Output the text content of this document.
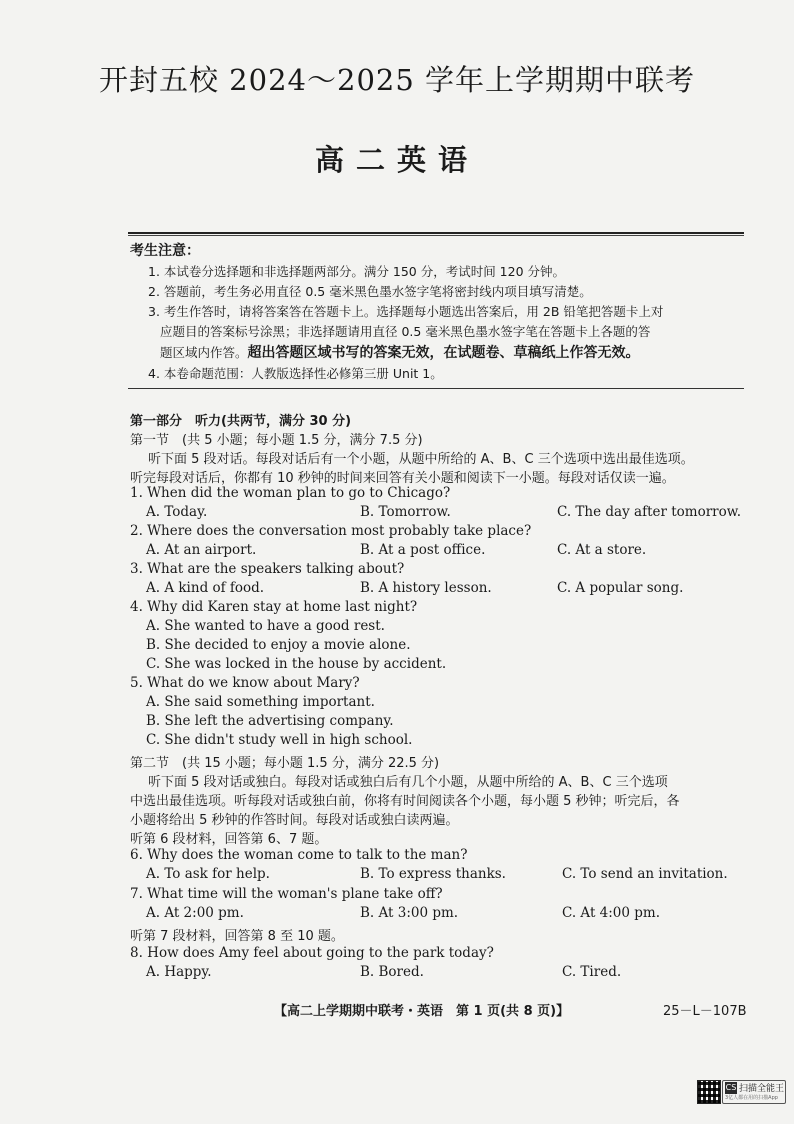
开封五校 2024～2025 学年上学期期中联考
高二英语
考生注意：
1. 本试卷分选择题和非选择题两部分。满分 150 分，考试时间 120 分钟。
2. 答题前，考生务必用直径 0.5 毫米黑色墨水签字笔将密封线内项目填写清楚。
3. 考生作答时，请将答案答在答题卡上。选择题每小题选出答案后，用 2B 铅笔把答题卡上对
应题目的答案标号涂黑；非选择题请用直径 0.5 毫米黑色墨水签字笔在答题卡上各题的答
题区域内作答。超出答题区域书写的答案无效，在试题卷、草稿纸上作答无效。
4. 本卷命题范围：人教版选择性必修第三册 Unit 1。
第一部分　听力(共两节，满分 30 分)
第一节　(共 5 小题；每小题 1.5 分，满分 7.5 分)
听下面 5 段对话。每段对话后有一个小题，从题中所给的 A、B、C 三个选项中选出最佳选项。
听完每段对话后，你都有 10 秒钟的时间来回答有关小题和阅读下一小题。每段对话仅读一遍。
1. When did the woman plan to go to Chicago?
A. Today.	B. Tomorrow.	C. The day after tomorrow.
2. Where does the conversation most probably take place?
A. At an airport.	B. At a post office.	C. At a store.
3. What are the speakers talking about?
A. A kind of food.	B. A history lesson.	C. A popular song.
4. Why did Karen stay at home last night?
A. She wanted to have a good rest.
B. She decided to enjoy a movie alone.
C. She was locked in the house by accident.
5. What do we know about Mary?
A. She said something important.
B. She left the advertising company.
C. She didn't study well in high school.
第二节　(共 15 小题；每小题 1.5 分，满分 22.5 分)
听下面 5 段对话或独白。每段对话或独白后有几个小题，从题中所给的 A、B、C 三个选项
中选出最佳选项。听每段对话或独白前，你将有时间阅读各个小题，每小题 5 秒钟；听完后，各
小题将给出 5 秒钟的作答时间。每段对话或独白读两遍。
听第 6 段材料，回答第 6、7 题。
6. Why does the woman come to talk to the man?
A. To ask for help.	B. To express thanks.	C. To send an invitation.
7. What time will the woman's plane take off?
A. At 2:00 pm.	B. At 3:00 pm.	C. At 4:00 pm.
听第 7 段材料，回答第 8 至 10 题。
8. How does Amy feel about going to the park today?
A. Happy.	B. Bored.	C. Tired.
【高二上学期期中联考・英语　第 1 页(共 8 页)】	25－L－107B
CS 扫描全能王
3亿人都在用的扫描App
